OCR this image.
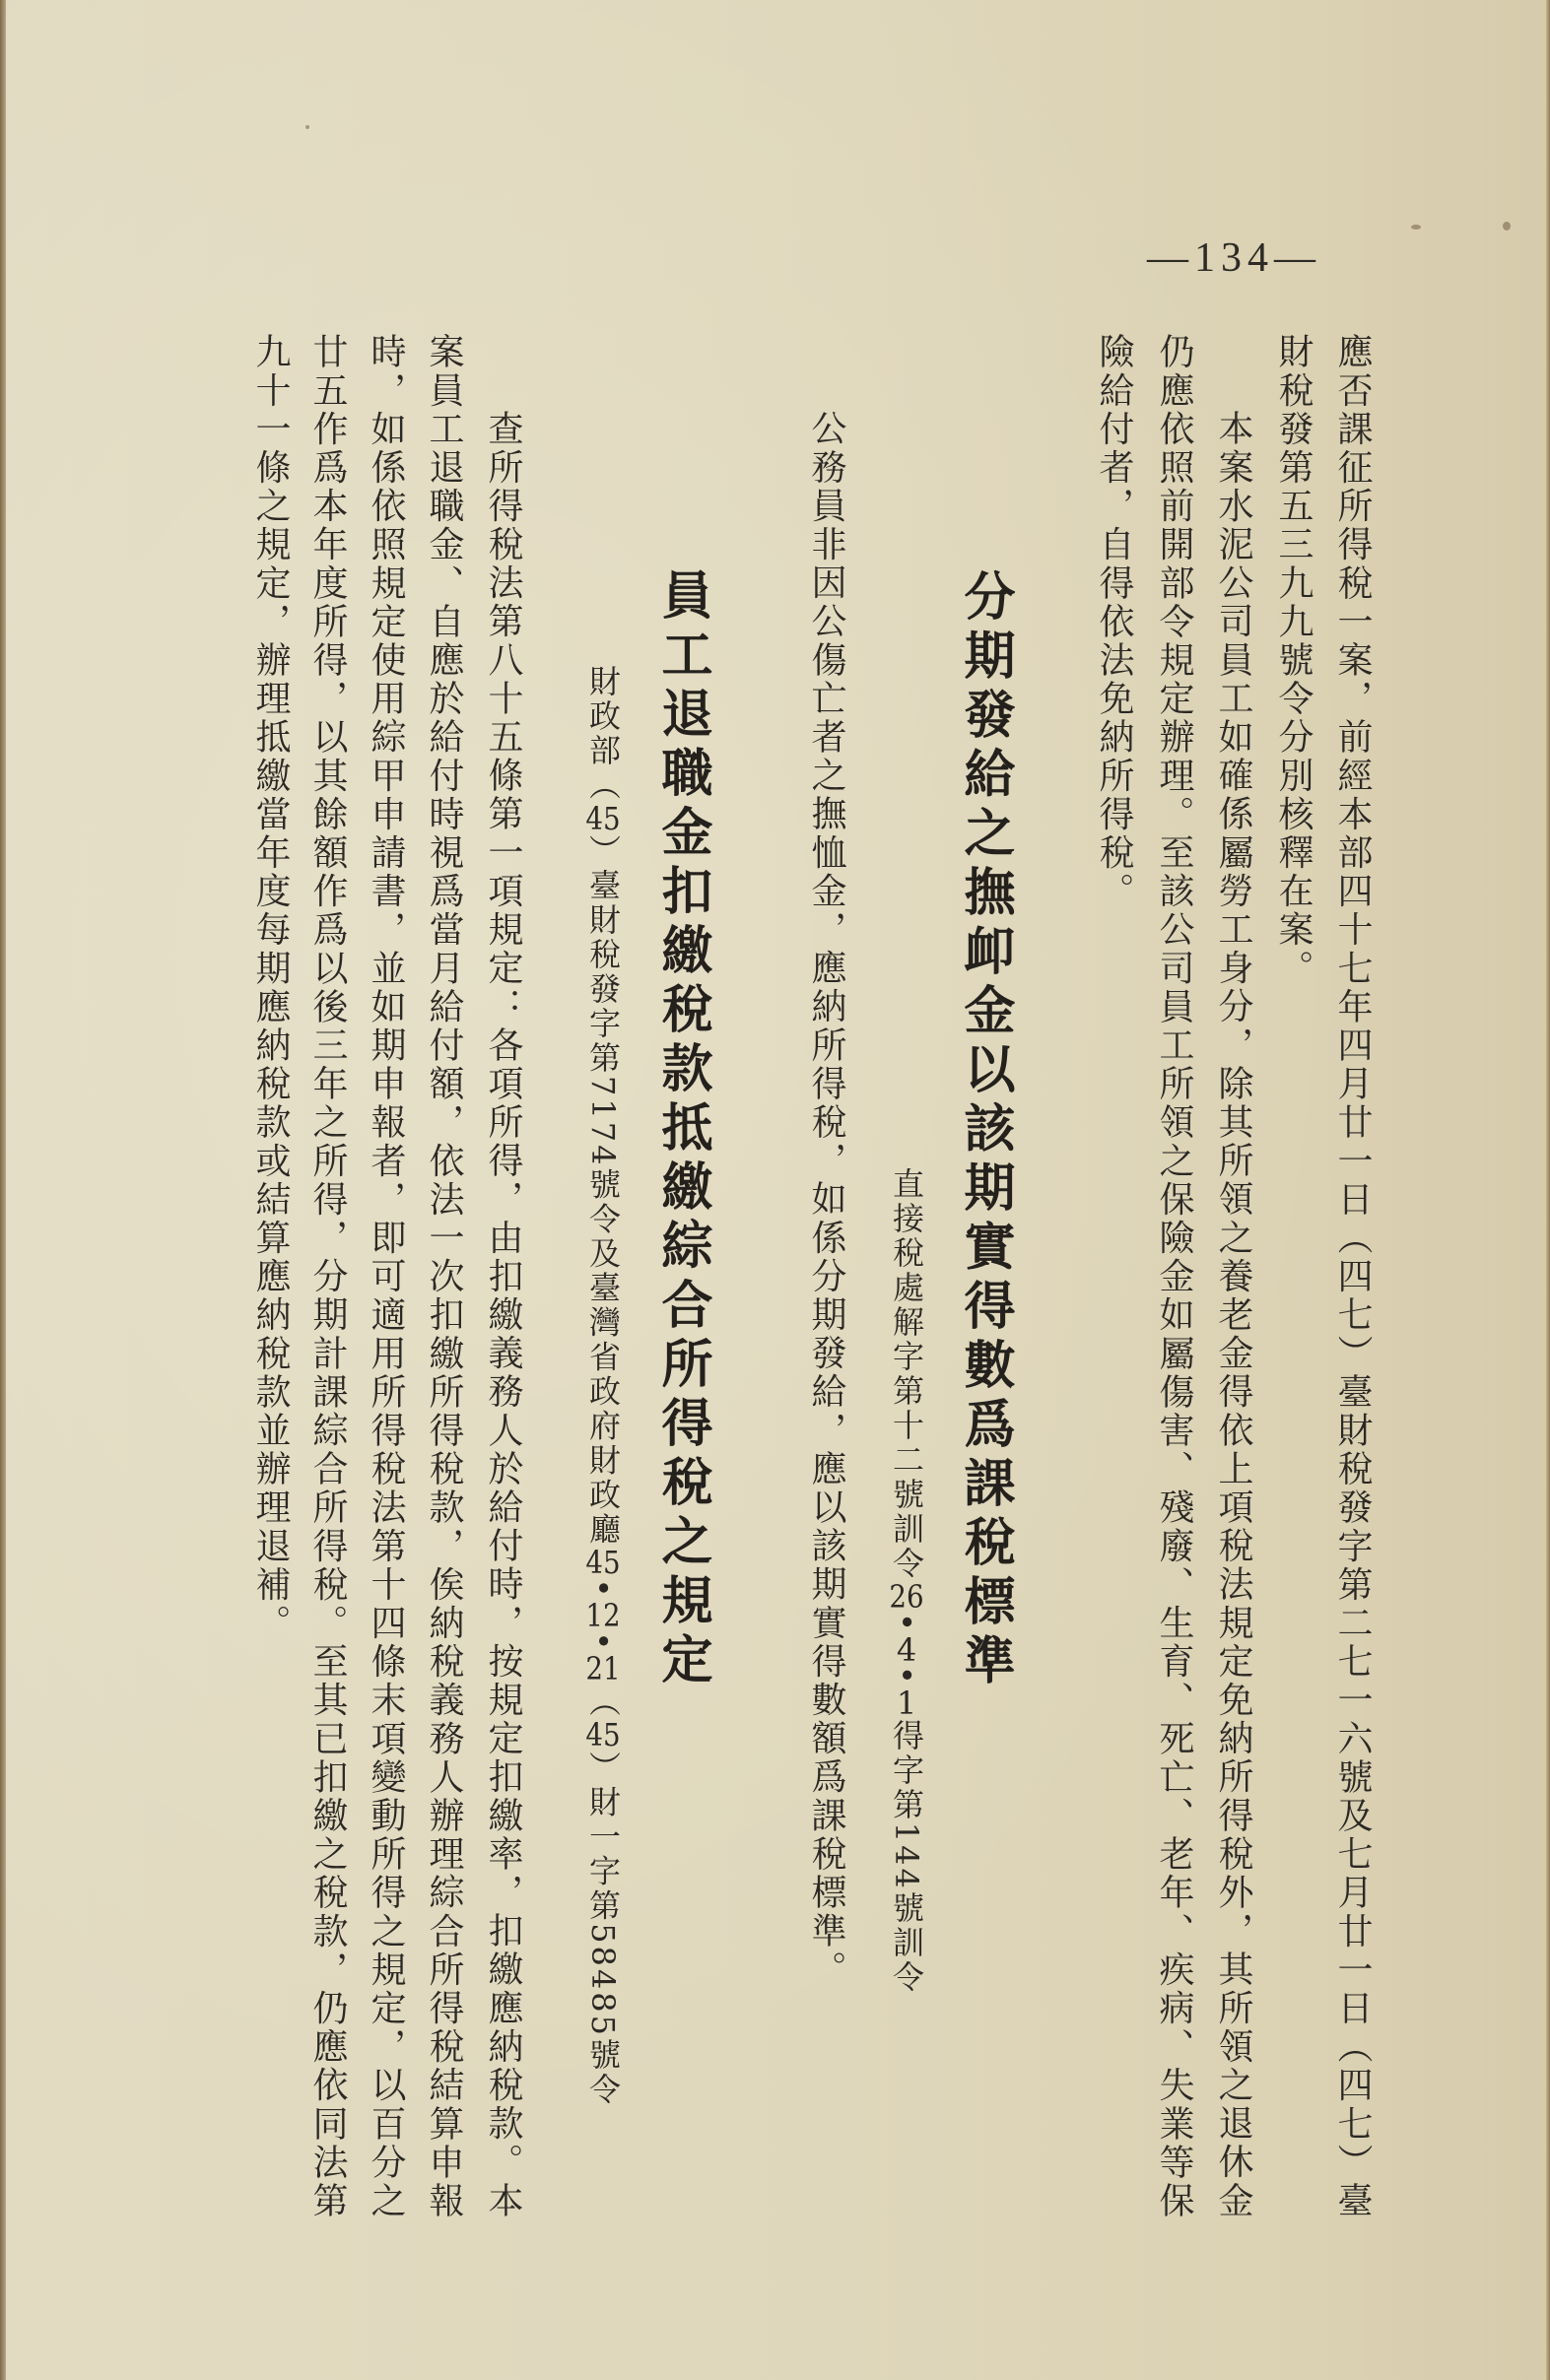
—134—
應否課征所得稅一案，前經本部四十七年四月廿一日（四七）臺財稅發字第二七一六號及七月廿一日（四七）臺
財稅發第五三九九號令分別核釋在案。
本案水泥公司員工如確係屬勞工身分，除其所領之養老金得依上項稅法規定免納所得稅外，其所領之退休金
仍應依照前開部令規定辦理。至該公司員工所領之保險金如屬傷害、殘廢、生育、死亡、老年、疾病、失業等保
險給付者，自得依法免納所得稅。
分期發給之撫卹金以該期實得數爲課稅標準
直接稅處解字第十二號訓令26•4•1得字第144號訓令
公務員非因公傷亡者之撫恤金，應納所得稅，如係分期發給，應以該期實得數額爲課稅標準。
員工退職金扣繳稅款抵繳綜合所得稅之規定
財政部（45）臺財稅發字第7174號令及臺灣省政府財政廳45•12•21（45）財一字第58485號令
查所得稅法第八十五條第一項規定：各項所得，由扣繳義務人於給付時，按規定扣繳率，扣繳應納稅款。本
案員工退職金、自應於給付時視爲當月給付額，依法一次扣繳所得稅款，俟納稅義務人辦理綜合所得稅結算申報
時，如係依照規定使用綜甲申請書，並如期申報者，即可適用所得稅法第十四條末項變動所得之規定，以百分之
廿五作爲本年度所得，以其餘額作爲以後三年之所得，分期計課綜合所得稅。至其已扣繳之稅款，仍應依同法第
九十一條之規定，辦理抵繳當年度每期應納稅款或結算應納稅款並辦理退補。
